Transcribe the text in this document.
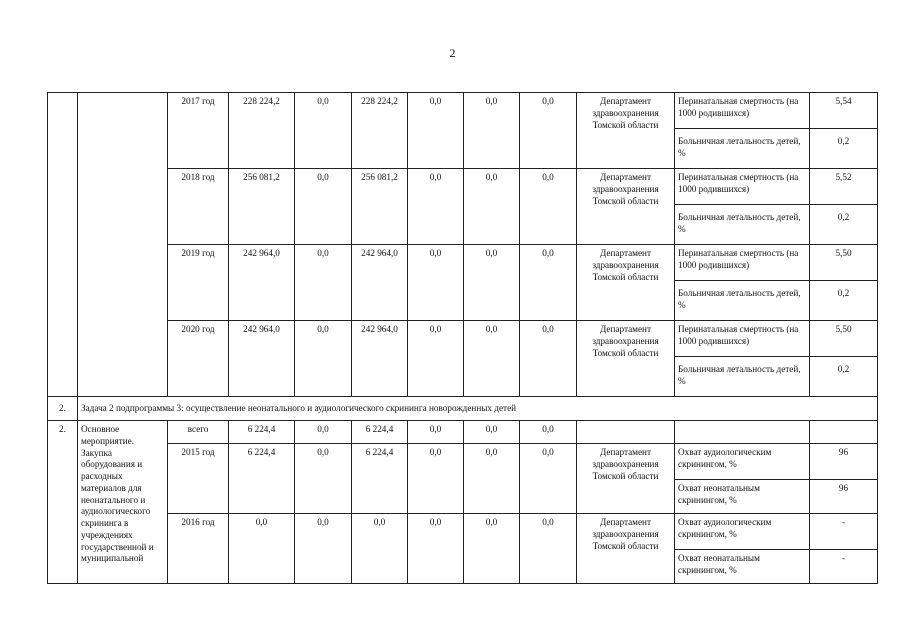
2
		2017 год	228 224,2	0,0	228 224,2	0,0	0,0	0,0	Департамент здравоохранения Томской области	Перинатальная смертность (на 1000 родившихся)	5,54
										Больничная летальность детей, %	0,2
		2018 год	256 081,2	0,0	256 081,2	0,0	0,0	0,0	Департамент здравоохранения Томской области	Перинатальная смертность (на 1000 родившихся)	5,52
										Больничная летальность детей, %	0,2
		2019 год	242 964,0	0,0	242 964,0	0,0	0,0	0,0	Департамент здравоохранения Томской области	Перинатальная смертность (на 1000 родившихся)	5,50
										Больничная летальность детей, %	0,2
		2020 год	242 964,0	0,0	242 964,0	0,0	0,0	0,0	Департамент здравоохранения Томской области	Перинатальная смертность (на 1000 родившихся)	5,50
										Больничная летальность детей, %	0,2
2.	Задача 2 подпрограммы 3: осуществление неонатального и аудиологического скрининга новорожденных детей										
2.	Основное мероприятие. Закупка оборудования и расходных материалов для неонатального и аудиологического скрининга в учреждениях государственной и муниципальной	всего	6 224,4	0,0	6 224,4	0,0	0,0	0,0			
		2015 год	6 224,4	0,0	6 224,4	0,0	0,0	0,0	Департамент здравоохранения Томской области	Охват аудиологическим скринингом, %	96
										Охват неонатальным скринингом, %	96
		2016 год	0,0	0,0	0,0	0,0	0,0	0,0	Департамент здравоохранения Томской области	Охват аудиологическим скринингом, %	-
										Охват неонатальным скринингом, %	-
